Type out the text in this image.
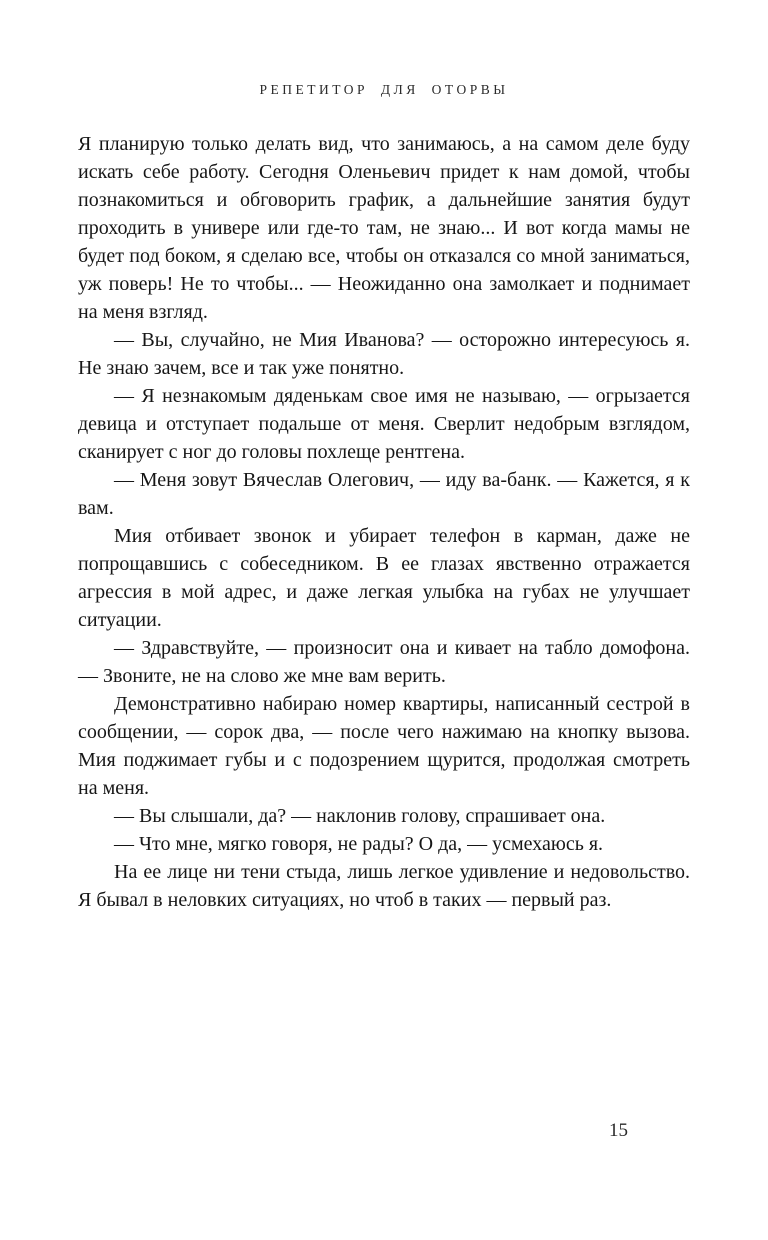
РЕПЕТИТОР ДЛЯ ОТОРВЫ

Я планирую только делать вид, что занимаюсь, а на самом деле буду искать себе работу. Сегодня Оленьевич придет к нам домой, чтобы познакомиться и обговорить график, а дальнейшие занятия будут проходить в универе или где-то там, не знаю... И вот когда мамы не будет под боком, я сделаю все, чтобы он отказался со мной заниматься, уж поверь! Не то чтобы... — Неожиданно она замолкает и поднимает на меня взгляд.

— Вы, случайно, не Мия Иванова? — осторожно интересуюсь я. Не знаю зачем, все и так уже понятно.

— Я незнакомым дяденькам свое имя не называю, — огрызается девица и отступает подальше от меня. Сверлит недобрым взглядом, сканирует с ног до головы похлеще рентгена.

— Меня зовут Вячеслав Олегович, — иду ва-банк. — Кажется, я к вам.

Мия отбивает звонок и убирает телефон в карман, даже не попрощавшись с собеседником. В ее глазах явственно отражается агрессия в мой адрес, и даже легкая улыбка на губах не улучшает ситуации.

— Здравствуйте, — произносит она и кивает на табло домофона. — Звоните, не на слово же мне вам верить.

Демонстративно набираю номер квартиры, написанный сестрой в сообщении, — сорок два, — после чего нажимаю на кнопку вызова. Мия поджимает губы и с подозрением щурится, продолжая смотреть на меня.

— Вы слышали, да? — наклонив голову, спрашивает она.

— Что мне, мягко говоря, не рады? О да, — усмехаюсь я.

На ее лице ни тени стыда, лишь легкое удивление и недовольство. Я бывал в неловких ситуациях, но чтоб в таких — первый раз.

15
